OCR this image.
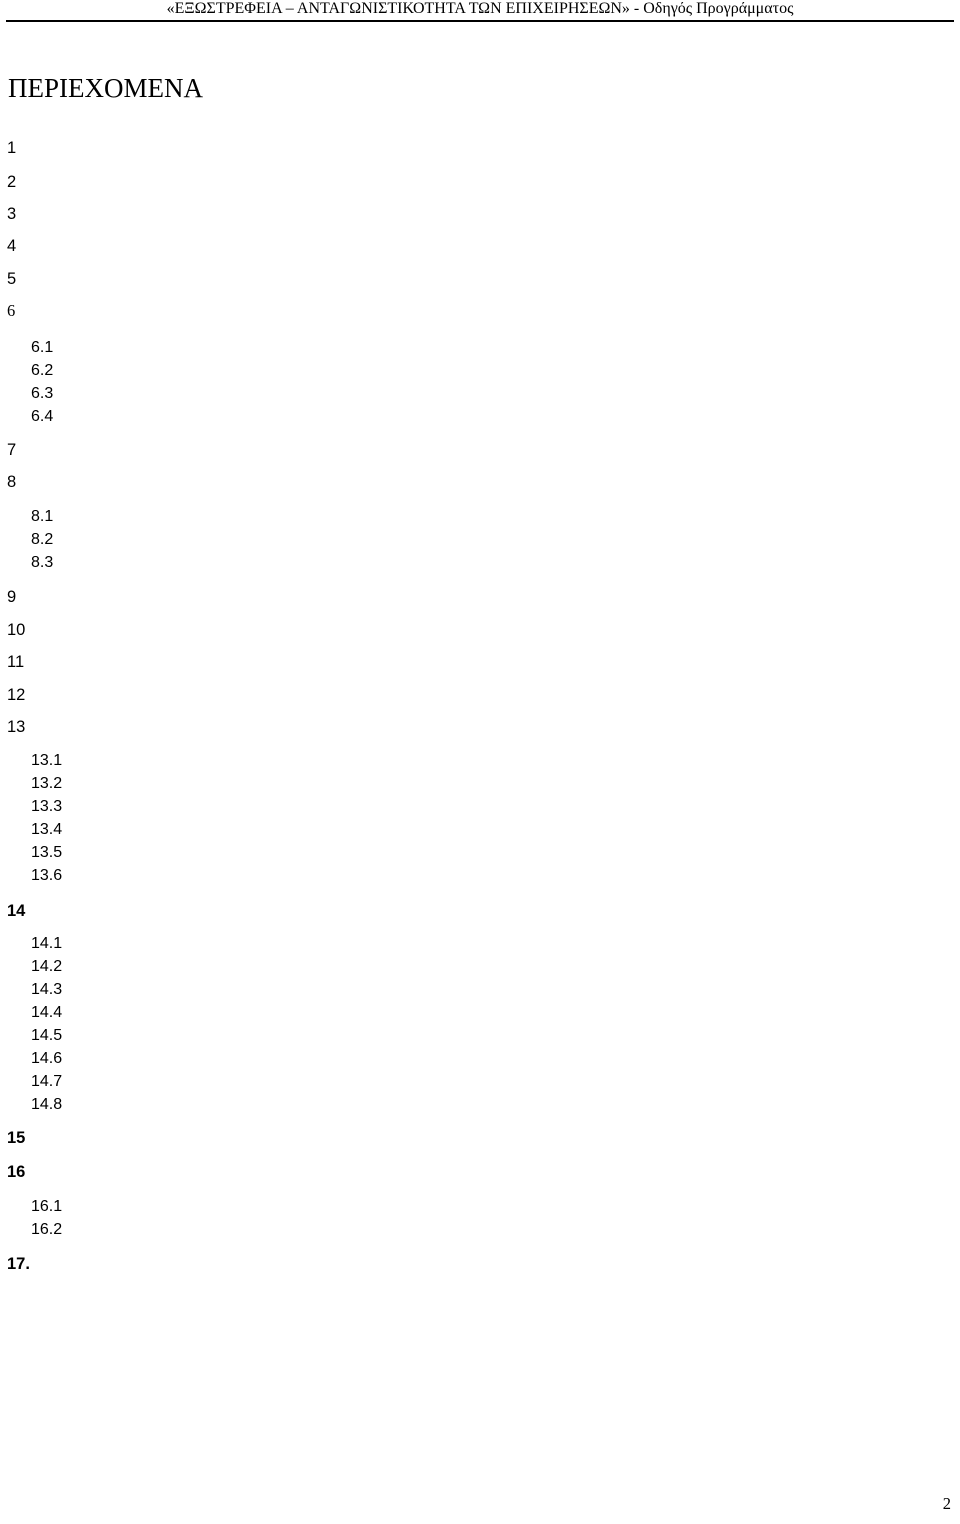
«ΕΞΩΣΤΡΕΦΕΙΑ – ΑΝΤΑΓΩΝΙΣΤΙΚΟΤΗΤΑ ΤΩΝ ΕΠΙΧΕΙΡΗΣΕΩΝ» - Οδηγός Προγράμματος
ΠΕΡΙΕΧΟΜΕΝΑ
1
2
3
4
5
6
6.1
6.2
6.3
6.4
7
8
8.1
8.2
8.3
9
10
11
12
13
13.1
13.2
13.3
13.4
13.5
13.6
14
14.1
14.2
14.3
14.4
14.5
14.6
14.7
14.8
15
16
16.1
16.2
17.
2
